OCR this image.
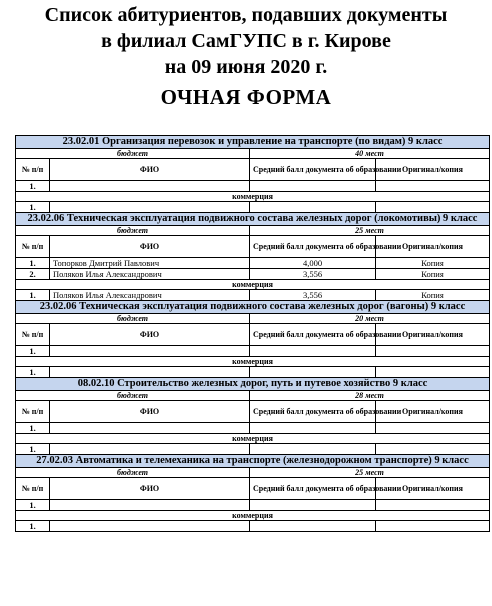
Список абитуриентов, подавших документы
в филиал СамГУПС в г. Кирове
на 09 июня 2020 г.
ОЧНАЯ ФОРМА
23.02.01 Организация перевозок и управление на транспорте (по видам) 9 класс			
бюджет		40 мест	
№ п/п	ФИО	Средний балл документа об образовании	Оригинал/копия
1.			
коммерция			
1.			
23.02.06 Техническая эксплуатация подвижного состава железных дорог (локомотивы) 9 класс			
бюджет		25 мест	
№ п/п	ФИО	Средний балл документа об образовании	Оригинал/копия
1.	Топорков Дмитрий Павлович	4,000	Копия
2.	Поляков Илья Александрович	3,556	Копия
коммерция			
1.	Поляков Илья Александрович	3,556	Копия
23.02.06 Техническая эксплуатация подвижного состава железных дорог (вагоны) 9 класс			
бюджет		20 мест	
№ п/п	ФИО	Средний балл документа об образовании	Оригинал/копия
1.			
коммерция			
1.			
08.02.10 Строительство железных дорог, путь и путевое хозяйство 9 класс			
бюджет		28 мест	
№ п/п	ФИО	Средний балл документа об образовании	Оригинал/копия
1.			
коммерция			
1.			
27.02.03 Автоматика и телемеханика на транспорте (железнодорожном транспорте) 9 класс			
бюджет		25 мест	
№ п/п	ФИО	Средний балл документа об образовании	Оригинал/копия
1.			
коммерция			
1.			
